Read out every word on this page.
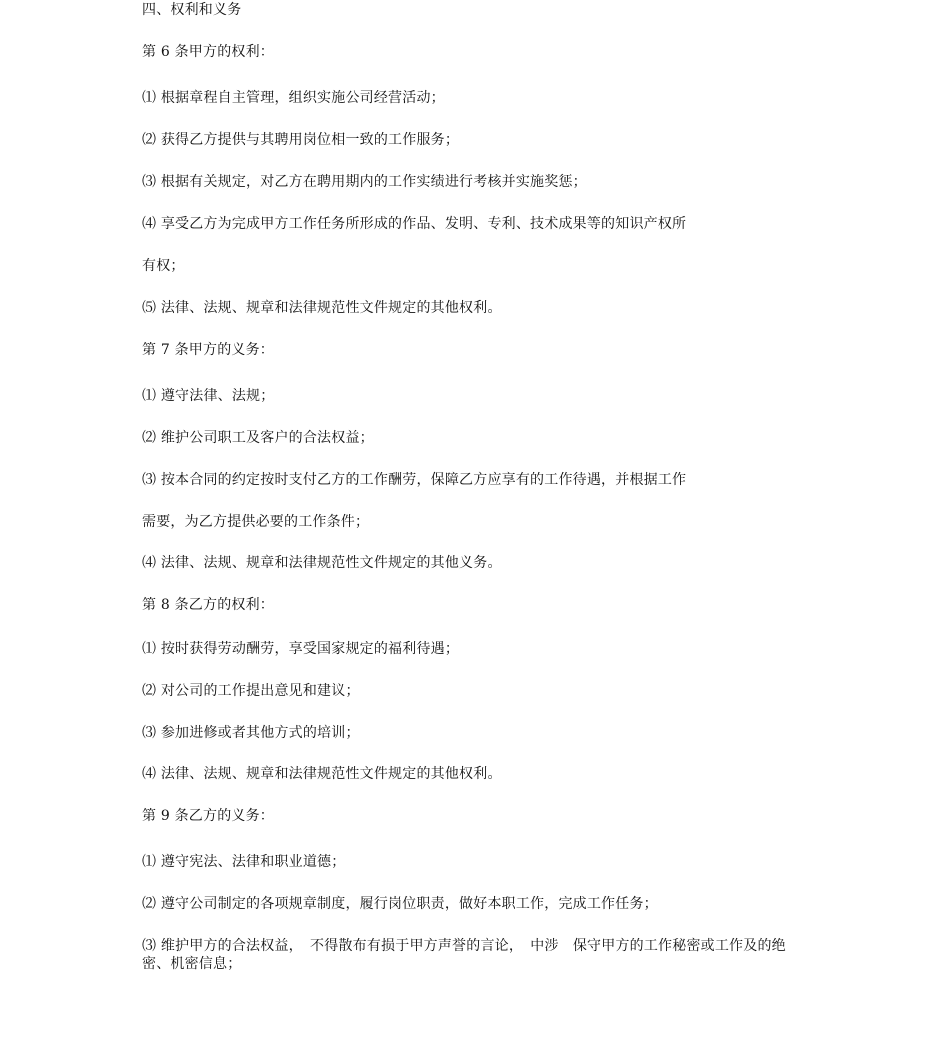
四、权利和义务
第 6 条甲方的权利：
⑴ 根据章程自主管理，组织实施公司经营活动；
⑵ 获得乙方提供与其聘用岗位相一致的工作服务；
⑶ 根据有关规定，对乙方在聘用期内的工作实绩进行考核并实施奖惩；
⑷ 享受乙方为完成甲方工作任务所形成的作品、发明、专利、技术成果等的知识产权所
有权；
⑸ 法律、法规、规章和法律规范性文件规定的其他权利。
第 7 条甲方的义务：
⑴ 遵守法律、法规；
⑵ 维护公司职工及客户的合法权益；
⑶ 按本合同的约定按时支付乙方的工作酬劳，保障乙方应享有的工作待遇，并根据工作
需要，为乙方提供必要的工作条件；
⑷ 法律、法规、规章和法律规范性文件规定的其他义务。
第 8 条乙方的权利：
⑴ 按时获得劳动酬劳，享受国家规定的福利待遇；
⑵ 对公司的工作提出意见和建议；
⑶ 参加进修或者其他方式的培训；
⑷ 法律、法规、规章和法律规范性文件规定的其他权利。
第 9 条乙方的义务：
⑴ 遵守宪法、法律和职业道德；
⑵ 遵守公司制定的各项规章制度，履行岗位职责，做好本职工作，完成工作任务；
⑶ 维护甲方的合法权益，　不得散布有损于甲方声誉的言论，　中涉　保守甲方的工作秘密或工作及的绝密、机密信息；
